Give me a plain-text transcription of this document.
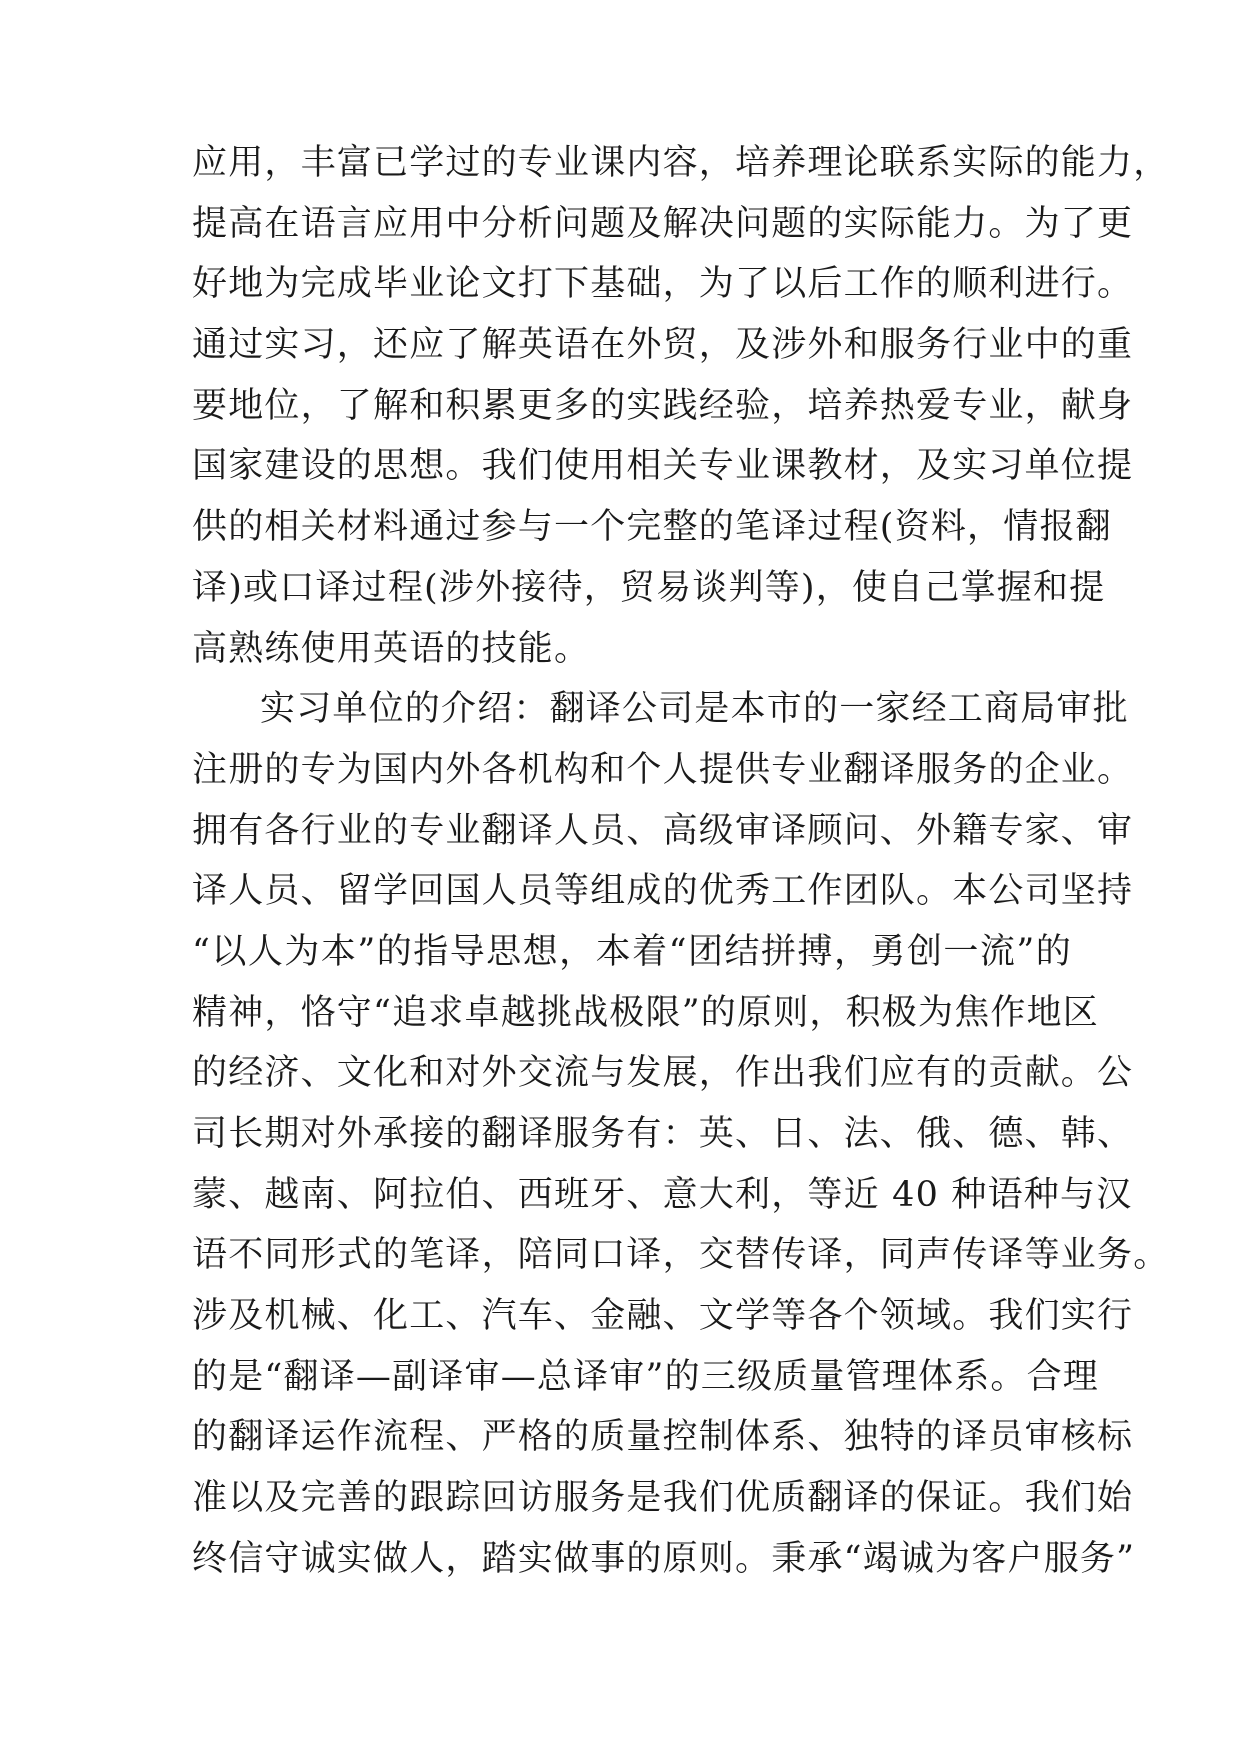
应用，丰富已学过的专业课内容，培养理论联系实际的能力，
提高在语言应用中分析问题及解决问题的实际能力。为了更
好地为完成毕业论文打下基础，为了以后工作的顺利进行。
通过实习，还应了解英语在外贸，及涉外和服务行业中的重
要地位，了解和积累更多的实践经验，培养热爱专业，献身
国家建设的思想。我们使用相关专业课教材，及实习单位提
供的相关材料通过参与一个完整的笔译过程(资料，情报翻
译)或口译过程(涉外接待，贸易谈判等)，使自己掌握和提
高熟练使用英语的技能。
实习单位的介绍：翻译公司是本市的一家经工商局审批
注册的专为国内外各机构和个人提供专业翻译服务的企业。
拥有各行业的专业翻译人员、高级审译顾问、外籍专家、审
译人员、留学回国人员等组成的优秀工作团队。本公司坚持
“以人为本”的指导思想，本着“团结拼搏，勇创一流”的
精神，恪守“追求卓越挑战极限”的原则，积极为焦作地区
的经济、文化和对外交流与发展，作出我们应有的贡献。公
司长期对外承接的翻译服务有：英、日、法、俄、德、韩、
蒙、越南、阿拉伯、西班牙、意大利，等近 40 种语种与汉
语不同形式的笔译，陪同口译，交替传译，同声传译等业务。
涉及机械、化工、汽车、金融、文学等各个领域。我们实行
的是“翻译—副译审—总译审”的三级质量管理体系。合理
的翻译运作流程、严格的质量控制体系、独特的译员审核标
准以及完善的跟踪回访服务是我们优质翻译的保证。我们始
终信守诚实做人，踏实做事的原则。秉承“竭诚为客户服务”
